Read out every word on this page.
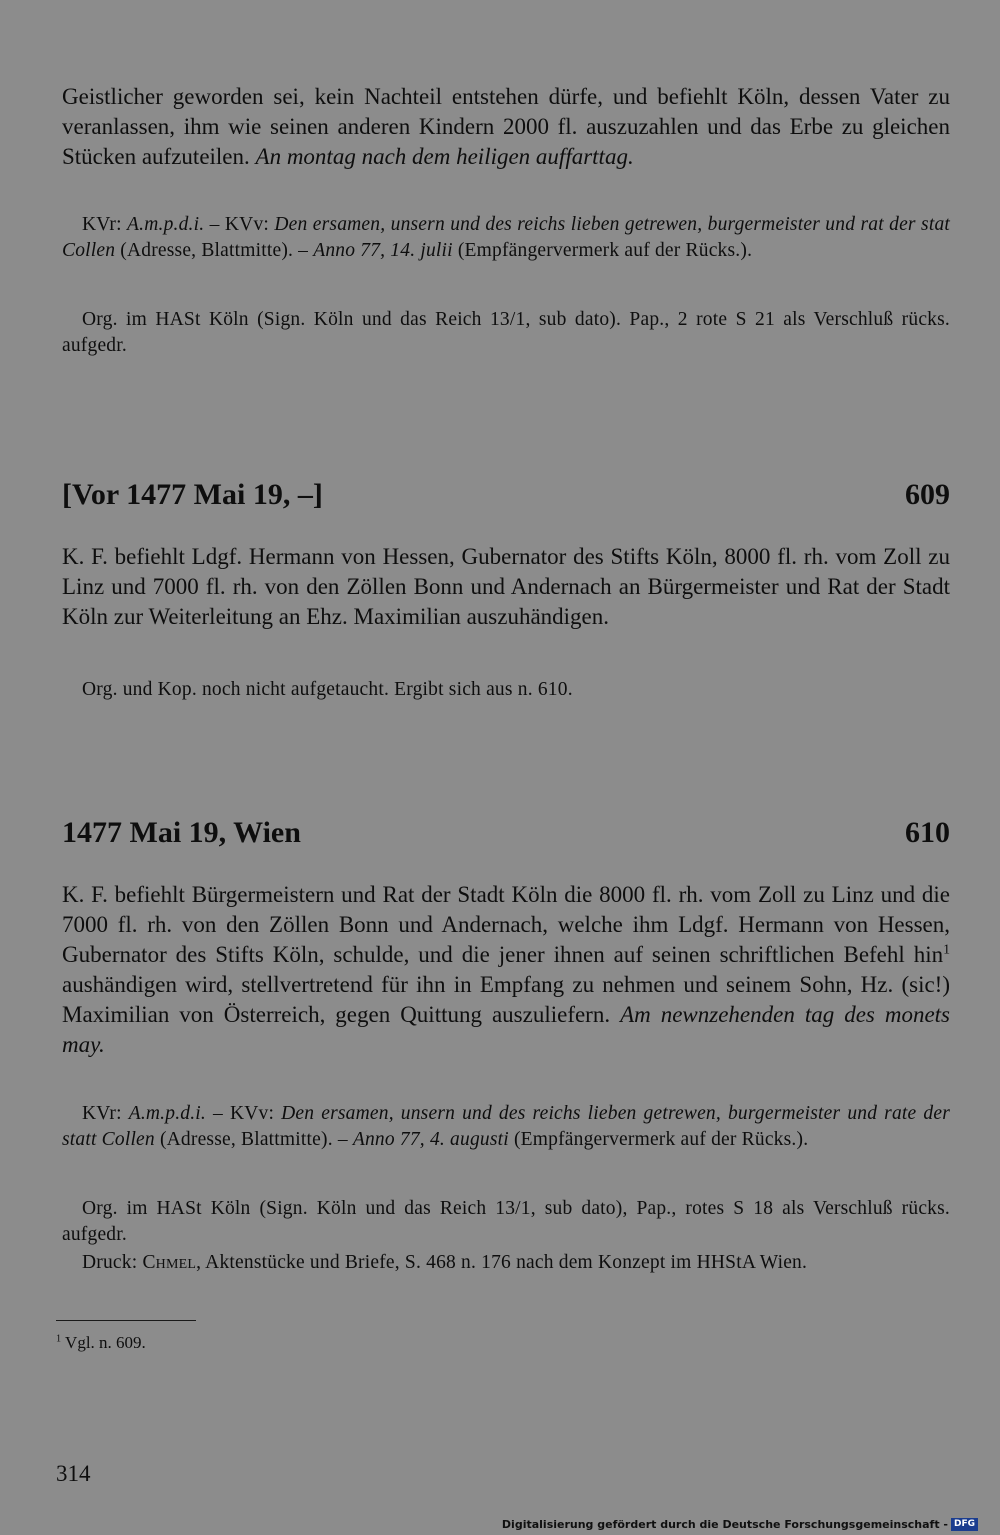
Geistlicher geworden sei, kein Nachteil entstehen dürfe, und befiehlt Köln, dessen Vater zu veranlassen, ihm wie seinen anderen Kindern 2000 fl. auszuzahlen und das Erbe zu gleichen Stücken aufzuteilen. An montag nach dem heiligen auffarttag.

KVr: A.m.p.d.i. – KVv: Den ersamen, unsern und des reichs lieben getrewen, burgermeister und rat der stat Collen (Adresse, Blattmitte). – Anno 77, 14. julii (Empfängervermerk auf der Rücks.).

Org. im HASt Köln (Sign. Köln und das Reich 13/1, sub dato). Pap., 2 rote S 21 als Verschluß rücks. aufgedr.

[Vor 1477 Mai 19, –]	609

K. F. befiehlt Ldgf. Hermann von Hessen, Gubernator des Stifts Köln, 8000 fl. rh. vom Zoll zu Linz und 7000 fl. rh. von den Zöllen Bonn und Andernach an Bürgermeister und Rat der Stadt Köln zur Weiterleitung an Ehz. Maximilian auszuhändigen.

Org. und Kop. noch nicht aufgetaucht. Ergibt sich aus n. 610.

1477 Mai 19, Wien	610

K. F. befiehlt Bürgermeistern und Rat der Stadt Köln die 8000 fl. rh. vom Zoll zu Linz und die 7000 fl. rh. von den Zöllen Bonn und Andernach, welche ihm Ldgf. Hermann von Hessen, Gubernator des Stifts Köln, schulde, und die jener ihnen auf seinen schriftlichen Befehl hin$^1$ aushändigen wird, stellvertretend für ihn in Empfang zu nehmen und seinem Sohn, Hz. (sic!) Maximilian von Österreich, gegen Quittung auszuliefern. Am newnzehenden tag des monets may.

KVr: A.m.p.d.i. – KVv: Den ersamen, unsern und des reichs lieben getrewen, burgermeister und rate der statt Collen (Adresse, Blattmitte). – Anno 77, 4. augusti (Empfängervermerk auf der Rücks.).

Org. im HASt Köln (Sign. Köln und das Reich 13/1, sub dato), Pap., rotes S 18 als Verschluß rücks. aufgedr.

Druck: Chmel, Aktenstücke und Briefe, S. 468 n. 176 nach dem Konzept im HHStA Wien.

$^1$ Vgl. n. 609.
314
Digitalisierung gefördert durch die Deutsche Forschungsgemeinschaft - DFG
